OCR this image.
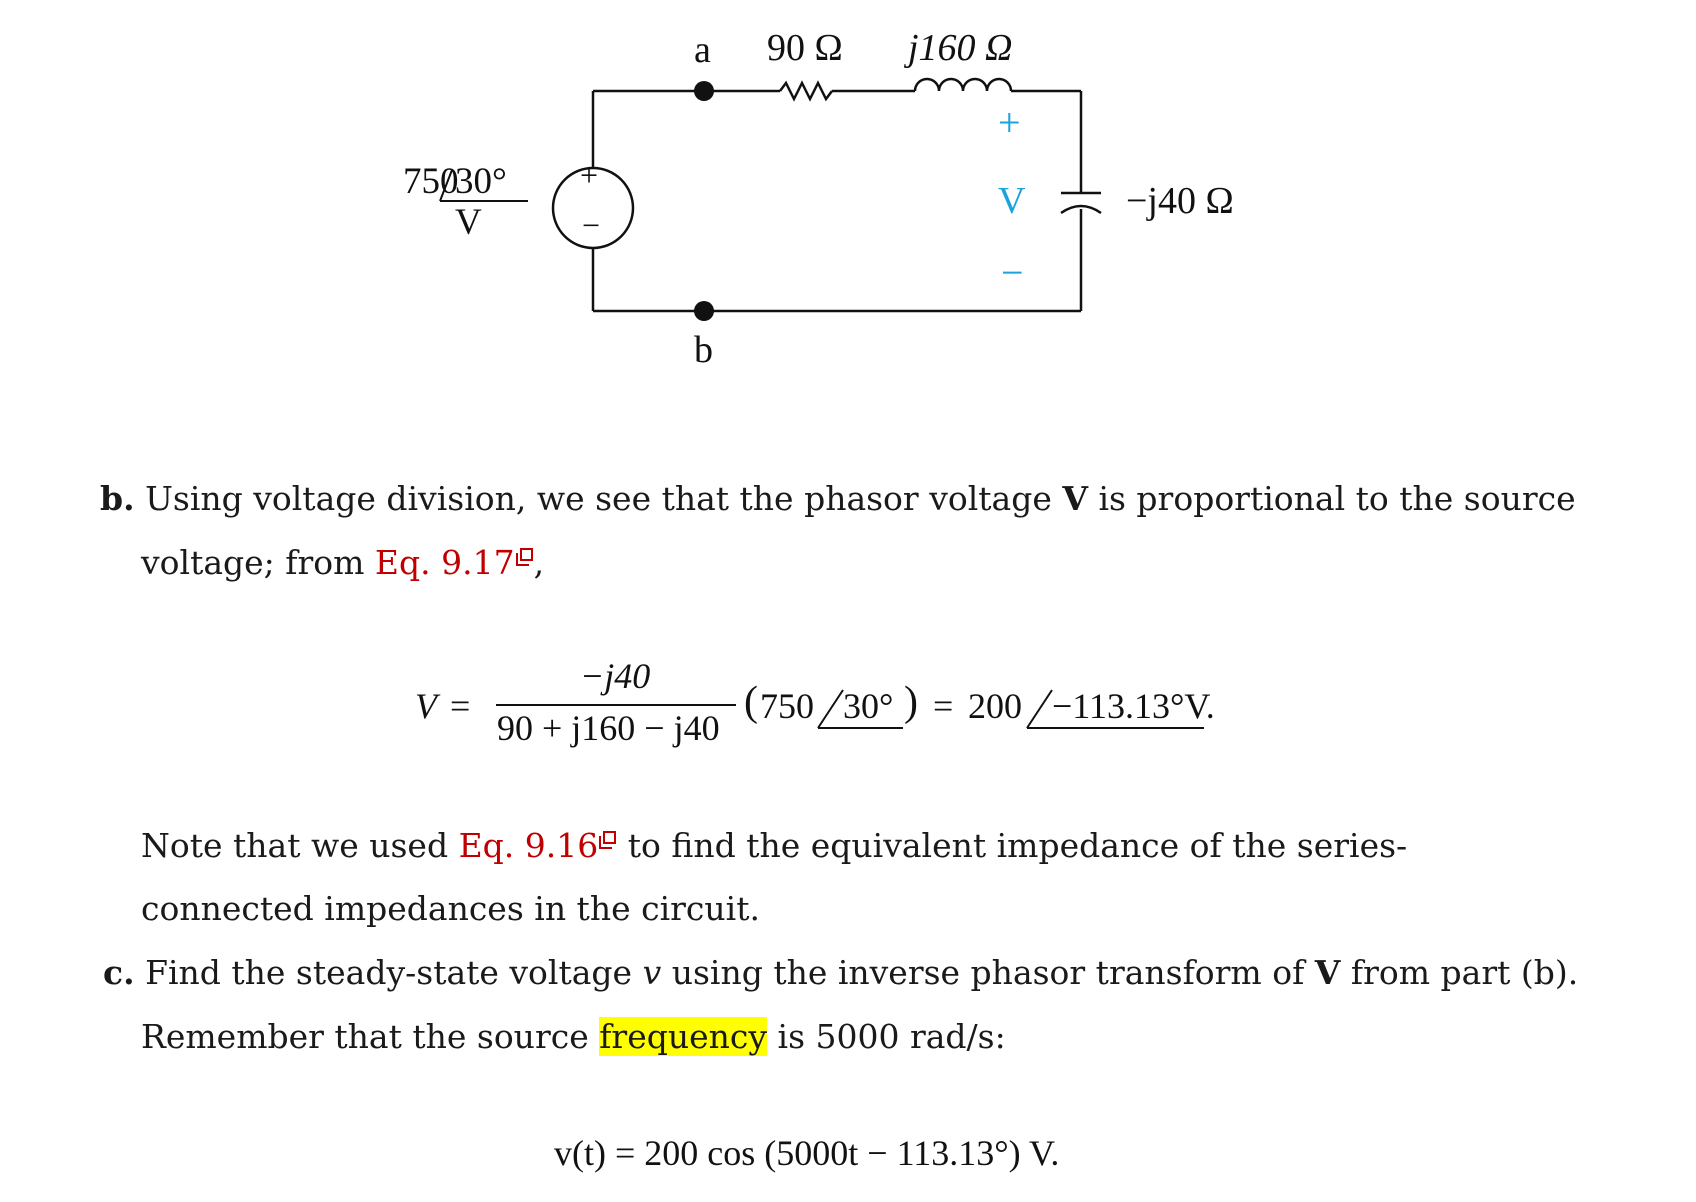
a
b
90 Ω j160 Ω
−j40 Ω
750
30°
V
+
−
+
V
−
b. Using voltage division, we see that the phasor voltage V is proportional to the source
voltage; from Eq. 9.17 ,
V =
−j40
90 + j160 − j40
( 750 30° ) = 200 −113.13°V.
Note that we used Eq. 9.16 to find the equivalent impedance of the series-
connected impedances in the circuit.
c. Find the steady-state voltage v using the inverse phasor transform of V from part (b).
Remember that the source frequency is 5000 rad/s:
v(t) = 200 cos (5000t − 113.13°) V.
